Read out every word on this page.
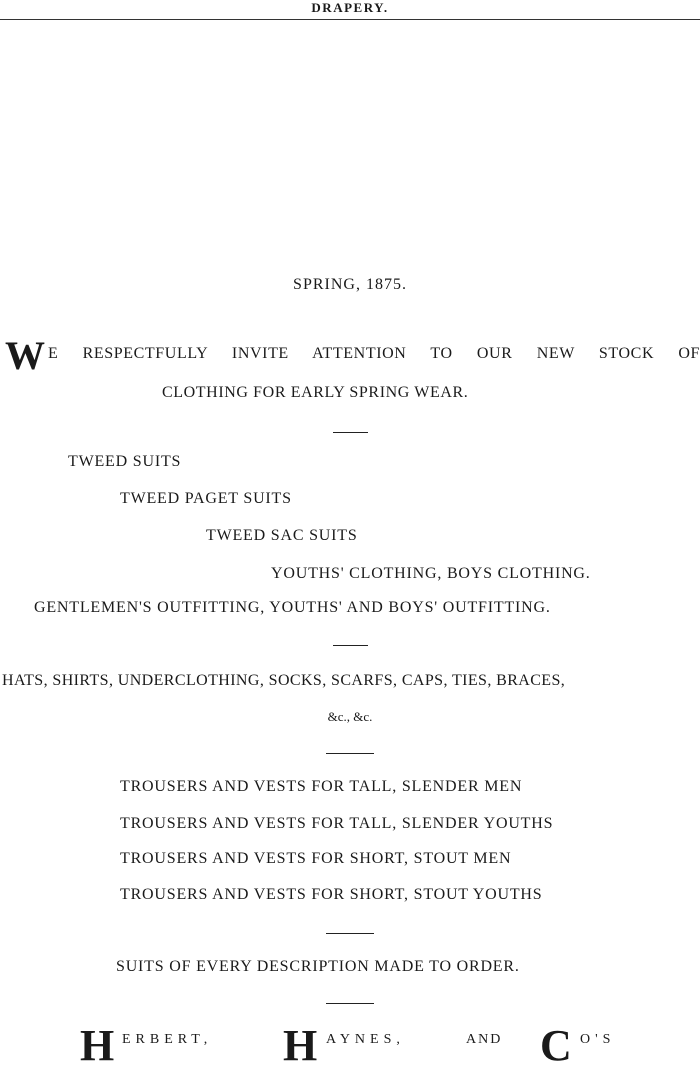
DRAPERY.
SPRING, 1875.
W E RESPECTFULLY INVITE ATTENTION TO OUR NEW STOCK OF
CLOTHING FOR EARLY SPRING WEAR.
TWEED SUITS
TWEED PAGET SUITS
TWEED SAC SUITS
YOUTHS' CLOTHING, BOYS CLOTHING.
GENTLEMEN'S OUTFITTING, YOUTHS' AND BOYS' OUTFITTING.
HATS, SHIRTS, UNDERCLOTHING, SOCKS, SCARFS, CAPS, TIES, BRACES,
&c., &c.
TROUSERS AND VESTS FOR TALL, SLENDER MEN
TROUSERS AND VESTS FOR TALL, SLENDER YOUTHS
TROUSERS AND VESTS FOR SHORT, STOUT MEN
TROUSERS AND VESTS FOR SHORT, STOUT YOUTHS
SUITS OF EVERY DESCRIPTION MADE TO ORDER.
H ERBERT, H AYNES,	AND C O'S
